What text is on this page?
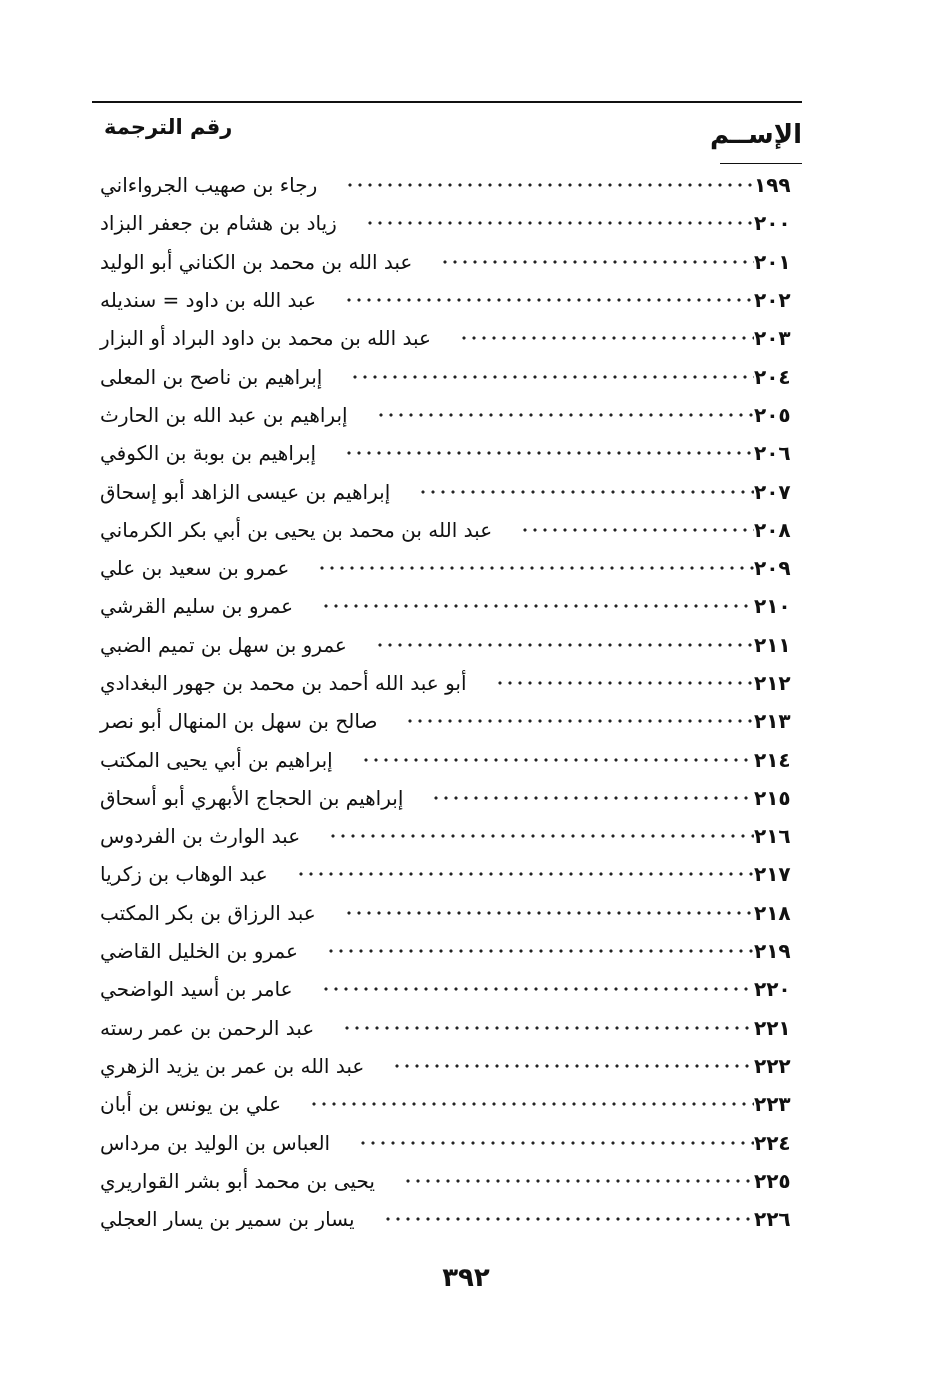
الإســم
رقم الترجمة
رجاء بن صهيب الجرواءاني	١٩٩
زياد بن هشام بن جعفر البزاد	٢٠٠
عبد الله بن محمد بن الكناني أبو الوليد	٢٠١
عبد الله بن داود = سنديله	٢٠٢
عبد الله بن محمد بن داود البراد أو البزار	٢٠٣
إبراهيم بن ناصح بن المعلى	٢٠٤
إبراهيم بن عبد الله بن الحارث	٢٠٥
إبراهيم بن بوبة بن الكوفي	٢٠٦
إبراهيم بن عيسى الزاهد أبو إسحاق	٢٠٧
عبد الله بن محمد بن يحيى بن أبي بكر الكرماني	٢٠٨
عمرو بن سعيد بن علي	٢٠٩
عمرو بن سليم القرشي	٢١٠
عمرو بن سهل بن تميم الضبي	٢١١
أبو عبد الله أحمد بن محمد بن جهور البغدادي	٢١٢
صالح بن سهل بن المنهال أبو نصر	٢١٣
إبراهيم بن أبي يحيى المكتب	٢١٤
إبراهيم بن الحجاج الأبهري أبو أسحاق	٢١٥
عبد الوارث بن الفردوس	٢١٦
عبد الوهاب بن زكريا	٢١٧
عبد الرزاق بن بكر المكتب	٢١٨
عمرو بن الخليل القاضي	٢١٩
عامر بن أسيد الواضحي	٢٢٠
عبد الرحمن بن عمر رسته	٢٢١
عبد الله بن عمر بن يزيد الزهري	٢٢٢
علي بن يونس بن أبان	٢٢٣
العباس بن الوليد بن مرداس	٢٢٤
يحيى بن محمد أبو بشر القواريري	٢٢٥
يسار بن سمير بن يسار العجلي	٢٢٦
٣٩٢
